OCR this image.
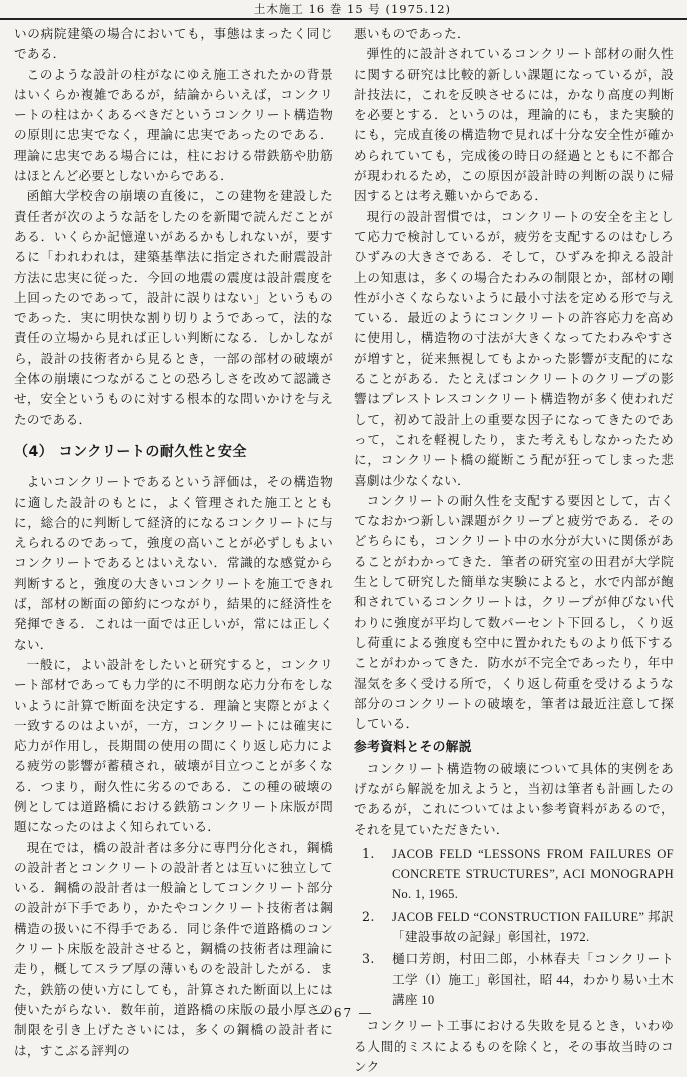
土木施工 16 巻 15 号 (1975.12)

いの病院建築の場合においても，事態はまったく同じである．

このような設計の柱がなにゆえ施工されたかの背景はいくらか複雑であるが，結論からいえば，コンクリートの柱はかくあるべきだというコンクリート構造物の原則に忠実でなく，理論に忠実であったのである．理論に忠実である場合には，柱における帯鉄筋や肋筋はほとんど必要としないからである．

函館大学校舎の崩壊の直後に，この建物を建設した責任者が次のような話をしたのを新聞で読んだことがある．いくらか記憶違いがあるかもしれないが，要するに「われわれは，建築基準法に指定された耐震設計方法に忠実に従った．今回の地震の震度は設計震度を上回ったのであって，設計に誤りはない」というものであった．実に明快な割り切りようであって，法的な責任の立場から見れば正しい判断になる．しかしながら，設計の技術者から見るとき，一部の部材の破壊が全体の崩壊につながることの恐ろしさを改めて認識させ，安全というものに対する根本的な問いかけを与えたのである．

（4） コンクリートの耐久性と安全

よいコンクリートであるという評価は，その構造物に適した設計のもとに，よく管理された施工とともに，総合的に判断して経済的になるコンクリートに与えられるのであって，強度の高いことが必ずしもよいコンクリートであるとはいえない．常識的な感覚から判断すると，強度の大きいコンクリートを施工できれば，部材の断面の節約につながり，結果的に経済性を発揮できる．これは一面では正しいが，常には正しくない．

一般に，よい設計をしたいと研究すると，コンクリート部材であっても力学的に不明朗な応力分布をしないように計算で断面を決定する．理論と実際とがよく一致するのはよいが，一方，コンクリートには確実に応力が作用し，長期間の使用の間にくり返し応力による疲労の影響が蓄積され，破壊が目立つことが多くなる．つまり，耐久性に劣るのである．この種の破壊の例としては道路橋における鉄筋コンクリート床版が問題になったのはよく知られている．

現在では，橋の設計者は多分に専門分化され，鋼橋の設計者とコンクリートの設計者とは互いに独立している．鋼橋の設計者は一般論としてコンクリート部分の設計が下手であり，かたやコンクリート技術者は鋼構造の扱いに不得手である．同じ条件で道路橋のコンクリート床版を設計させると，鋼橋の技術者は理論に走り，概してスラブ厚の薄いものを設計したがる．また，鉄筋の使い方にしても，計算された断面以上には使いたがらない．数年前，道路橋の床版の最小厚さの制限を引き上げたさいには，多くの鋼橋の設計者には，すこぶる評判の

悪いものであった．

弾性的に設計されているコンクリート部材の耐久性に関する研究は比較的新しい課題になっているが，設計技法に，これを反映させるには，かなり高度の判断を必要とする．というのは，理論的にも，また実験的にも，完成直後の構造物で見れば十分な安全性が確かめられていても，完成後の時日の経過とともに不都合が現われるため，この原因が設計時の判断の誤りに帰因するとは考え難いからである．

現行の設計習慣では，コンクリートの安全を主として応力で検討しているが，疲労を支配するのはむしろひずみの大きさである．そして，ひずみを抑える設計上の知恵は，多くの場合たわみの制限とか，部材の剛性が小さくならないように最小寸法を定める形で与えている．最近のようにコンクリートの許容応力を高めに使用し，構造物の寸法が大きくなってたわみやすさが増すと，従来無視してもよかった影響が支配的になることがある．たとえばコンクリートのクリープの影響はプレストレスコンクリート構造物が多く使われだして，初めて設計上の重要な因子になってきたのであって，これを軽視したり，また考えもしなかったために，コンクリート橋の縦断こう配が狂ってしまった悲喜劇は少なくない．

コンクリートの耐久性を支配する要因として，古くてなおかつ新しい課題がクリープと疲労である．そのどちらにも，コンクリート中の水分が大いに関係があることがわかってきた．筆者の研究室の田君が大学院生として研究した簡単な実験によると，水で内部が飽和されているコンクリートは，クリープが伸びない代わりに強度が平均して数パーセント下回るし，くり返し荷重による強度も空中に置かれたものより低下することがわかってきた．防水が不完全であったり，年中湿気を多く受ける所で，くり返し荷重を受けるような部分のコンクリートの破壊を，筆者は最近注意して探している．

参考資料とその解説

コンクリート構造物の破壊について具体的実例をあげながら解説を加えようと，当初は筆者も計画したのであるが，これについてはよい参考資料があるので，それを見ていただきたい．

1.	JACOB FELD “LESSONS FROM FAILURES OF CONCRETE STRUCTURES”, ACI MONOGRAPH No. 1, 1965.
2.	JACOB FELD “CONSTRUCTION FAILURE” 邦訳「建設事故の記録」彰国社，1972.
3.	樋口芳朗，村田二郎，小林春夫「コンクリート工学（Ⅰ）施工」彰国社，昭 44，わかり易い土木講座 10

コンクリート工事における失敗を見るとき，いわゆる人間的ミスによるものを除くと，その事故当時のコンク

― 67 ―
